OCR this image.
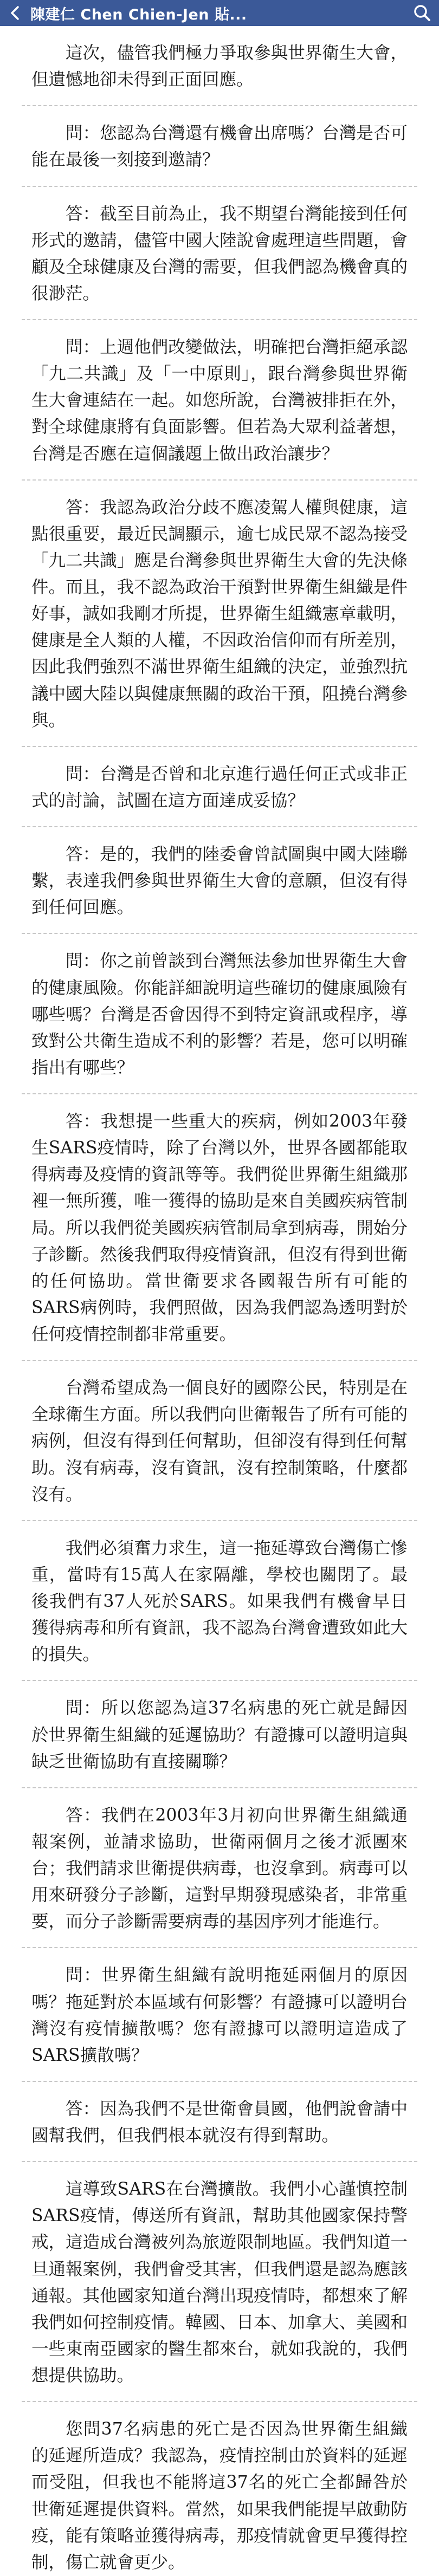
陳建仁 Chen Chien-Jen 貼...

這次，儘管我們極力爭取參與世界衛生大會，但遺憾地卻未得到正面回應。

問：您認為台灣還有機會出席嗎？台灣是否可能在最後一刻接到邀請？

答：截至目前為止，我不期望台灣能接到任何形式的邀請，儘管中國大陸說會處理這些問題，會顧及全球健康及台灣的需要，但我們認為機會真的很渺茫。

問：上週他們改變做法，明確把台灣拒絕承認「九二共識」及「一中原則」，跟台灣參與世界衛生大會連結在一起。如您所說，台灣被排拒在外，對全球健康將有負面影響。但若為大眾利益著想，台灣是否應在這個議題上做出政治讓步？

答：我認為政治分歧不應凌駕人權與健康，這點很重要，最近民調顯示，逾七成民眾不認為接受「九二共識」應是台灣參與世界衛生大會的先決條件。而且，我不認為政治干預對世界衛生組織是件好事，誠如我剛才所提，世界衛生組織憲章載明，健康是全人類的人權，不因政治信仰而有所差別，因此我們強烈不滿世界衛生組織的決定，並強烈抗議中國大陸以與健康無關的政治干預，阻撓台灣參與。

問：台灣是否曾和北京進行過任何正式或非正式的討論，試圖在這方面達成妥協？

答：是的，我們的陸委會曾試圖與中國大陸聯繫，表達我們參與世界衛生大會的意願，但沒有得到任何回應。

問：你之前曾談到台灣無法參加世界衛生大會的健康風險。你能詳細說明這些確切的健康風險有哪些嗎？台灣是否會因得不到特定資訊或程序，導致對公共衛生造成不利的影響？若是，您可以明確指出有哪些？

答：我想提一些重大的疾病，例如2003年發生SARS疫情時，除了台灣以外，世界各國都能取得病毒及疫情的資訊等等。我們從世界衛生組織那裡一無所獲，唯一獲得的協助是來自美國疾病管制局。所以我們從美國疾病管制局拿到病毒，開始分子診斷。然後我們取得疫情資訊，但沒有得到世衛的任何協助。當世衛要求各國報告所有可能的SARS病例時，我們照做，因為我們認為透明對於任何疫情控制都非常重要。

台灣希望成為一個良好的國際公民，特別是在全球衛生方面。所以我們向世衛報告了所有可能的病例，但沒有得到任何幫助，但卻沒有得到任何幫助。沒有病毒，沒有資訊，沒有控制策略，什麼都沒有。

我們必須奮力求生，這一拖延導致台灣傷亡慘重，當時有15萬人在家隔離，學校也關閉了。最後我們有37人死於SARS。如果我們有機會早日獲得病毒和所有資訊，我不認為台灣會遭致如此大的損失。

問：所以您認為這37名病患的死亡就是歸因於世界衛生組織的延遲協助？有證據可以證明這與缺乏世衛協助有直接關聯？

答：我們在2003年3月初向世界衛生組織通報案例，並請求協助，世衛兩個月之後才派團來台；我們請求世衛提供病毒，也沒拿到。病毒可以用來研發分子診斷，這對早期發現感染者，非常重要，而分子診斷需要病毒的基因序列才能進行。

問：世界衛生組織有說明拖延兩個月的原因嗎？拖延對於本區域有何影響？有證據可以證明台灣沒有疫情擴散嗎？您有證據可以證明這造成了SARS擴散嗎？

答：因為我們不是世衛會員國，他們說會請中國幫我們，但我們根本就沒有得到幫助。

這導致SARS在台灣擴散。我們小心謹慎控制SARS疫情，傳送所有資訊，幫助其他國家保持警戒，這造成台灣被列為旅遊限制地區。我們知道一旦通報案例，我們會受其害，但我們還是認為應該通報。其他國家知道台灣出現疫情時，都想來了解我們如何控制疫情。韓國、日本、加拿大、美國和一些東南亞國家的醫生都來台，就如我說的，我們想提供協助。

您問37名病患的死亡是否因為世界衛生組織的延遲所造成？我認為，疫情控制由於資料的延遲而受阻，但我也不能將這37名的死亡全都歸咎於世衛延遲提供資料。當然，如果我們能提早啟動防疫，能有策略並獲得病毒，那疫情就會更早獲得控制，傷亡就會更少。
